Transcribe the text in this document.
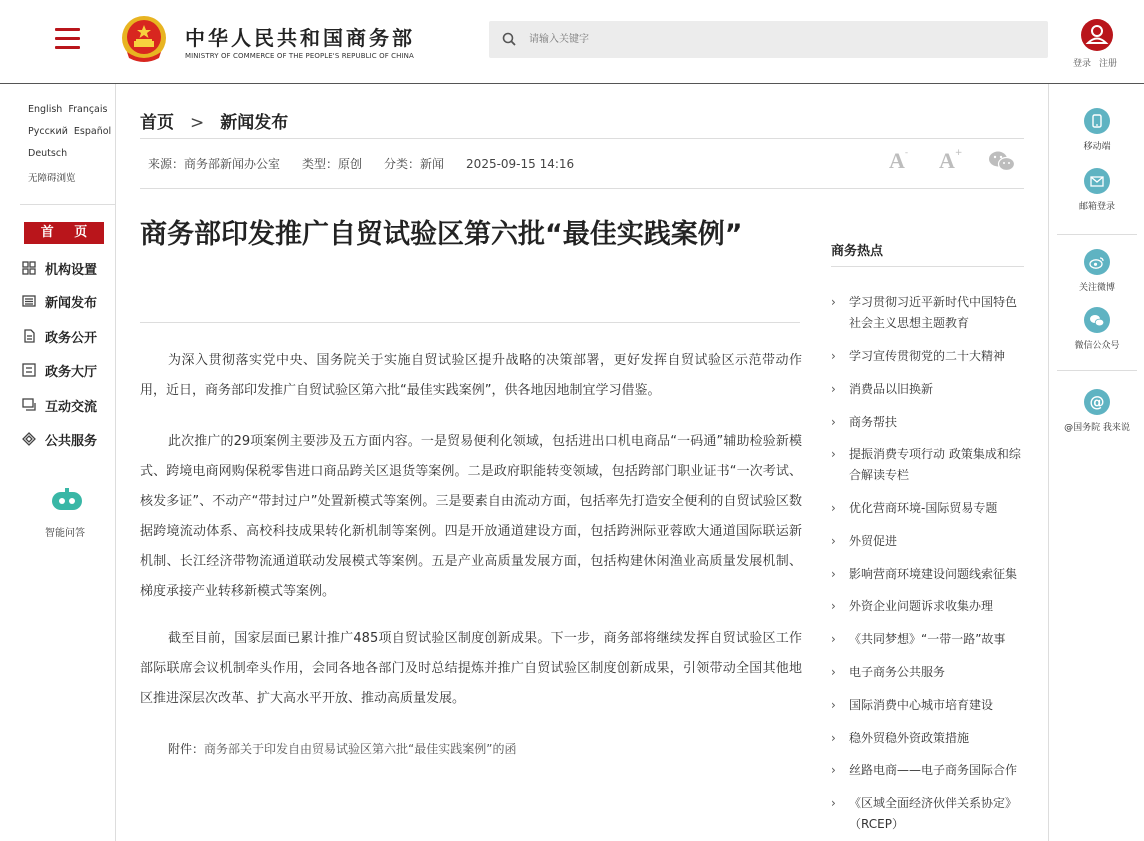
中华人民共和国商务部
MINISTRY OF COMMERCE OF THE PEOPLE'S REPUBLIC OF CHINA
请输入关键字
登录 注册
English Français
Русский Español
Deutsch
无障碍浏览
首 页
机构设置
新闻发布
政务公开
政务大厅
互动交流
公共服务
智能问答
移动端
邮箱登录
关注微博
微信公众号
@
@国务院 我来说
首页 > 新闻发布
来源：商务部新闻办公室 类型：原创 分类：新闻 2025-09-15 14:16	A- A+
商务部印发推广自贸试验区第六批“最佳实践案例”
为深入贯彻落实党中央、国务院关于实施自贸试验区提升战略的决策部署，更好发挥自贸试验区示范带动作用，近日，商务部印发推广自贸试验区第六批“最佳实践案例”，供各地因地制宜学习借鉴。
此次推广的29项案例主要涉及五方面内容。一是贸易便利化领域，包括进出口机电商品“一码通”辅助检验新模式、跨境电商网购保税零售进口商品跨关区退货等案例。二是政府职能转变领域，包括跨部门职业证书“一次考试、核发多证”、不动产“带封过户”处置新模式等案例。三是要素自由流动方面，包括率先打造安全便利的自贸试验区数据跨境流动体系、高校科技成果转化新机制等案例。四是开放通道建设方面，包括跨洲际亚蓉欧大通道国际联运新机制、长江经济带物流通道联动发展模式等案例。五是产业高质量发展方面，包括构建休闲渔业高质量发展机制、梯度承接产业转移新模式等案例。
截至目前，国家层面已累计推广485项自贸试验区制度创新成果。下一步，商务部将继续发挥自贸试验区工作部际联席会议机制牵头作用，会同各地各部门及时总结提炼并推广自贸试验区制度创新成果，引领带动全国其他地区推进深层次改革、扩大高水平开放、推动高质量发展。
附件：商务部关于印发自由贸易试验区第六批“最佳实践案例”的函
商务热点
›	学习贯彻习近平新时代中国特色社会主义思想主题教育
›	学习宣传贯彻党的二十大精神
›	消费品以旧换新
›	商务帮扶
›	提振消费专项行动 政策集成和综合解读专栏
›	优化营商环境-国际贸易专题
›	外贸促进
›	影响营商环境建设问题线索征集
›	外资企业问题诉求收集办理
›	《共同梦想》“一带一路”故事
›	电子商务公共服务
›	国际消费中心城市培育建设
›	稳外贸稳外资政策措施
›	丝路电商——电子商务国际合作
›	《区域全面经济伙伴关系协定》（RCEP）
